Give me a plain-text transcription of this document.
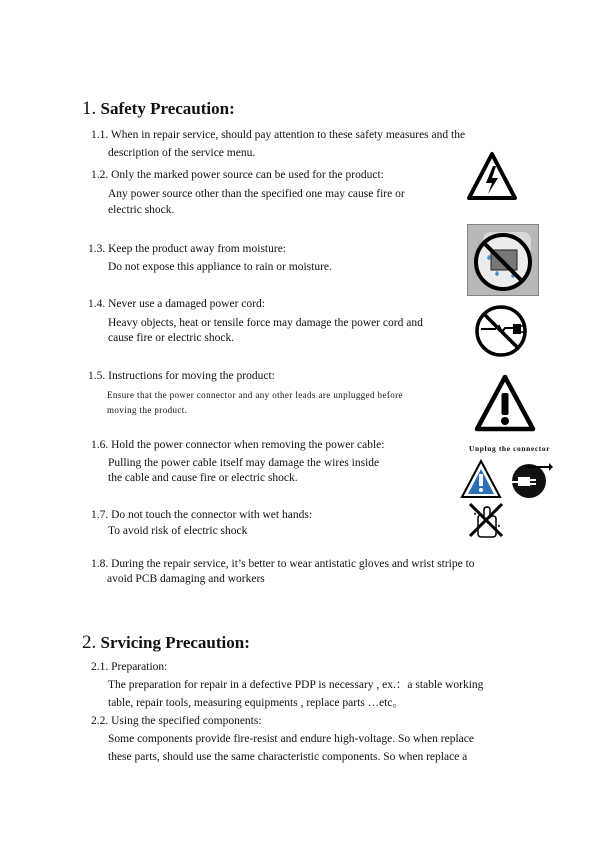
1. Safety Precaution:
1.1. When in repair service, should pay attention to these safety measures and the
description of the service menu.
1.2. Only the marked power source can be used for the product:
Any power source other than the specified one may cause fire or
electric shock.
1.3. Keep the product away from moisture:
Do not expose this appliance to rain or moisture.
1.4. Never use a damaged power cord:
Heavy objects, heat or tensile force may damage the power cord and
cause fire or electric shock.
1.5. Instructions for moving the product:
Ensure that the power connector and any other leads are unplugged before
moving the product.
1.6. Hold the power connector when removing the power cable:
Pulling the power cable itself may damage the wires inside
the cable and cause fire or electric shock.
1.7. Do not touch the connector with wet hands:
To avoid risk of electric shock
1.8. During the repair service, it’s better to wear antistatic gloves and wrist stripe to
avoid PCB damaging and workers
2. Srvicing Precaution:
2.1. Preparation:
The preparation for repair in a defective PDP is necessary , ex.：a stable working
table, repair tools, measuring equipments , replace parts …etc。
2.2. Using the specified components:
Some components provide fire-resist and endure high-voltage. So when replace
these parts, should use the same characteristic components. So when replace a
Unplug the connector
